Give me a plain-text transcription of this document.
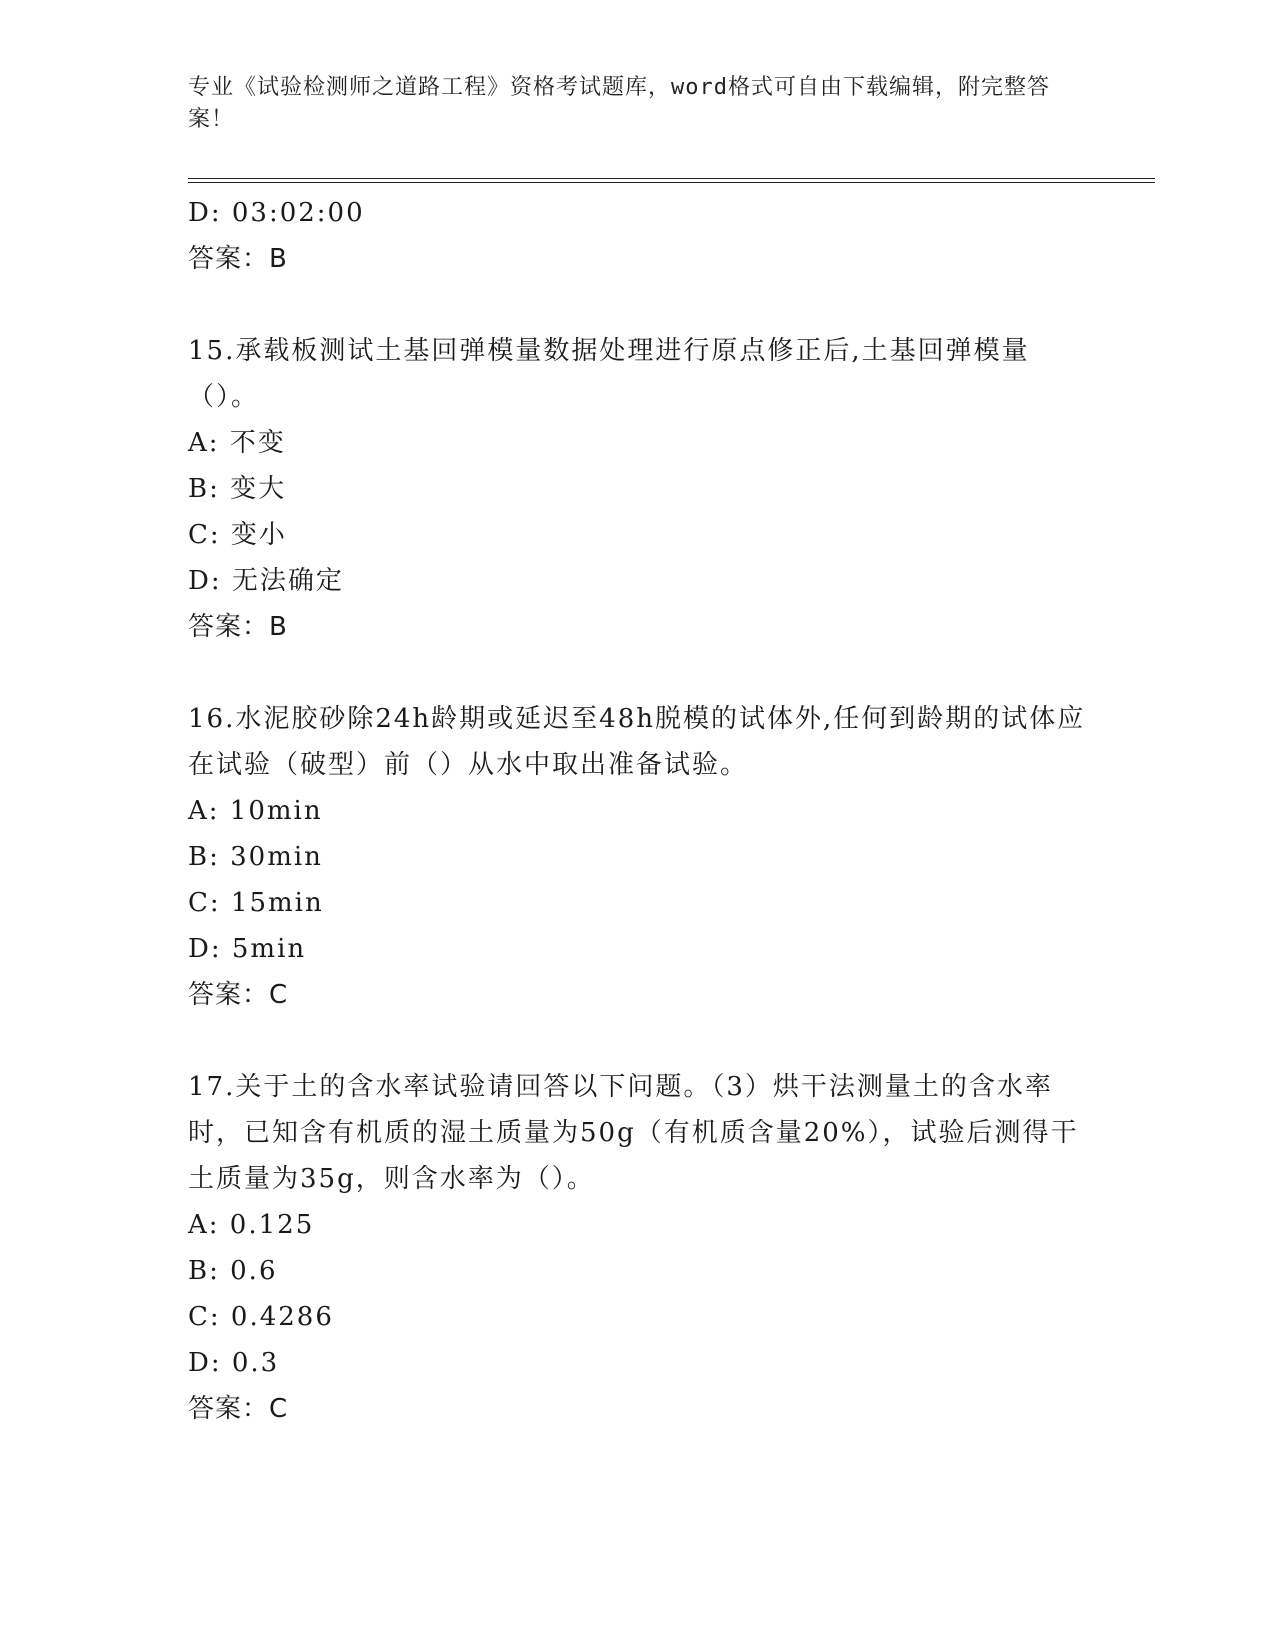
专业《试验检测师之道路工程》资格考试题库，word格式可自由下载编辑，附完整答案！
D: 03:02:00
答案：B
15.承载板测试土基回弹模量数据处理进行原点修正后,土基回弹模量（）。
A: 不变
B: 变大
C: 变小
D: 无法确定
答案：B
16.水泥胶砂除24h龄期或延迟至48h脱模的试体外,任何到龄期的试体应在试验（破型）前（）从水中取出准备试验。
A: 10min
B: 30min
C: 15min
D: 5min
答案：C
17.关于土的含水率试验请回答以下问题。（3）烘干法测量土的含水率时，已知含有机质的湿土质量为50g（有机质含量20%），试验后测得干土质量为35g，则含水率为（）。
A: 0.125
B: 0.6
C: 0.4286
D: 0.3
答案：C
